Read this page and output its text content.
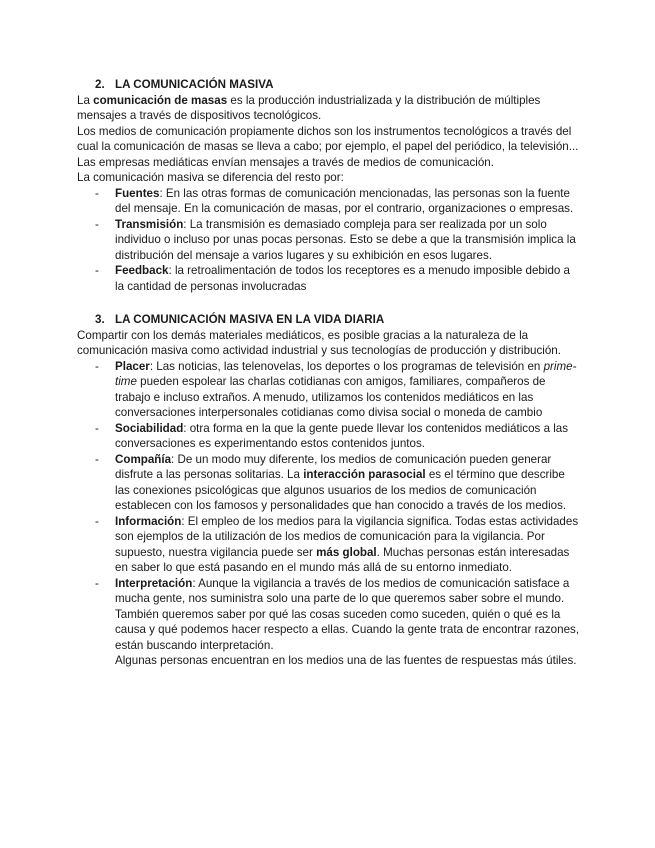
2. LA COMUNICACIÓN MASIVA

La comunicación de masas es la producción industrializada y la distribución de múltiples mensajes a través de dispositivos tecnológicos.

Los medios de comunicación propiamente dichos son los instrumentos tecnológicos a través del cual la comunicación de masas se lleva a cabo; por ejemplo, el papel del periódico, la televisión... Las empresas mediáticas envían mensajes a través de medios de comunicación.

La comunicación masiva se diferencia del resto por:

- Fuentes: En las otras formas de comunicación mencionadas, las personas son la fuente del mensaje. En la comunicación de masas, por el contrario, organizaciones o empresas.
- Transmisión: La transmisión es demasiado compleja para ser realizada por un solo individuo o incluso por unas pocas personas. Esto se debe a que la transmisión implica la distribución del mensaje a varios lugares y su exhibición en esos lugares.
- Feedback: la retroalimentación de todos los receptores es a menudo imposible debido a la cantidad de personas involucradas
3. LA COMUNICACIÓN MASIVA EN LA VIDA DIARIA

Compartir con los demás materiales mediáticos, es posible gracias a la naturaleza de la comunicación masiva como actividad industrial y sus tecnologías de producción y distribución.

- Placer: Las noticias, las telenovelas, los deportes o los programas de televisión en prime-time pueden espolear las charlas cotidianas con amigos, familiares, compañeros de trabajo e incluso extraños. A menudo, utilizamos los contenidos mediáticos en las conversaciones interpersonales cotidianas como divisa social o moneda de cambio
- Sociabilidad: otra forma en la que la gente puede llevar los contenidos mediáticos a las conversaciones es experimentando estos contenidos juntos.
- Compañía: De un modo muy diferente, los medios de comunicación pueden generar disfrute a las personas solitarias. La interacción parasocial es el término que describe las conexiones psicológicas que algunos usuarios de los medios de comunicación establecen con los famosos y personalidades que han conocido a través de los medios.
- Información: El empleo de los medios para la vigilancia significa. Todas estas actividades son ejemplos de la utilización de los medios de comunicación para la vigilancia. Por supuesto, nuestra vigilancia puede ser más global. Muchas personas están interesadas en saber lo que está pasando en el mundo más allá de su entorno inmediato.
- Interpretación: Aunque la vigilancia a través de los medios de comunicación satisface a mucha gente, nos suministra solo una parte de lo que queremos saber sobre el mundo. También queremos saber por qué las cosas suceden como suceden, quién o qué es la causa y qué podemos hacer respecto a ellas. Cuando la gente trata de encontrar razones, están buscando interpretación.
Algunas personas encuentran en los medios una de las fuentes de respuestas más útiles.
